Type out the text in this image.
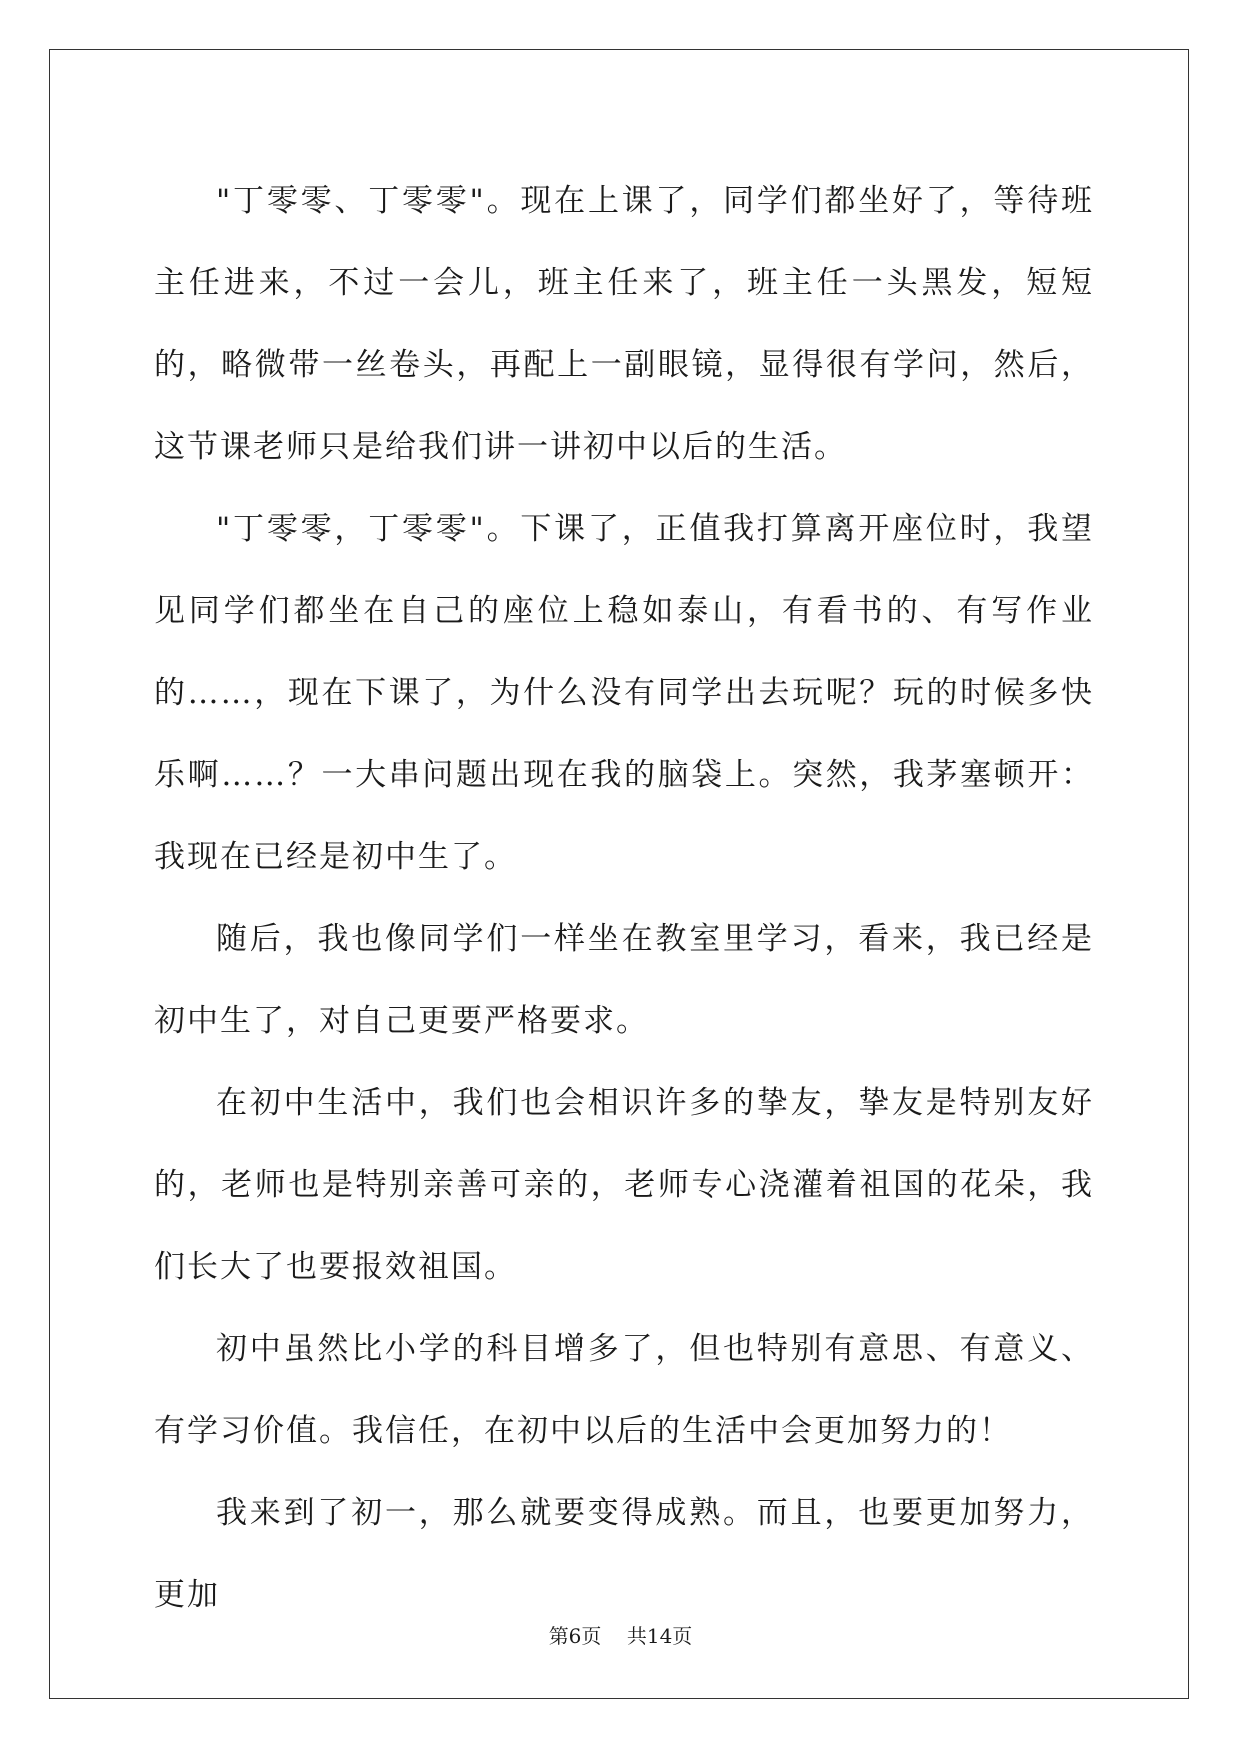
"丁零零、丁零零"。现在上课了，同学们都坐好了，等待班主任进来，不过一会儿，班主任来了，班主任一头黑发，短短的，略微带一丝卷头，再配上一副眼镜，显得很有学问，然后，这节课老师只是给我们讲一讲初中以后的生活。

"丁零零，丁零零"。下课了，正值我打算离开座位时，我望见同学们都坐在自己的座位上稳如泰山，有看书的、有写作业的……，现在下课了，为什么没有同学出去玩呢？玩的时候多快乐啊……？一大串问题出现在我的脑袋上。突然，我茅塞顿开：我现在已经是初中生了。

随后，我也像同学们一样坐在教室里学习，看来，我已经是初中生了，对自己更要严格要求。

在初中生活中，我们也会相识许多的挚友，挚友是特别友好的，老师也是特别亲善可亲的，老师专心浇灌着祖国的花朵，我们长大了也要报效祖国。

初中虽然比小学的科目增多了，但也特别有意思、有意义、有学习价值。我信任，在初中以后的生活中会更加努力的！

我来到了初一，那么就要变得成熟。而且，也要更加努力，更加

第6页 共14页
